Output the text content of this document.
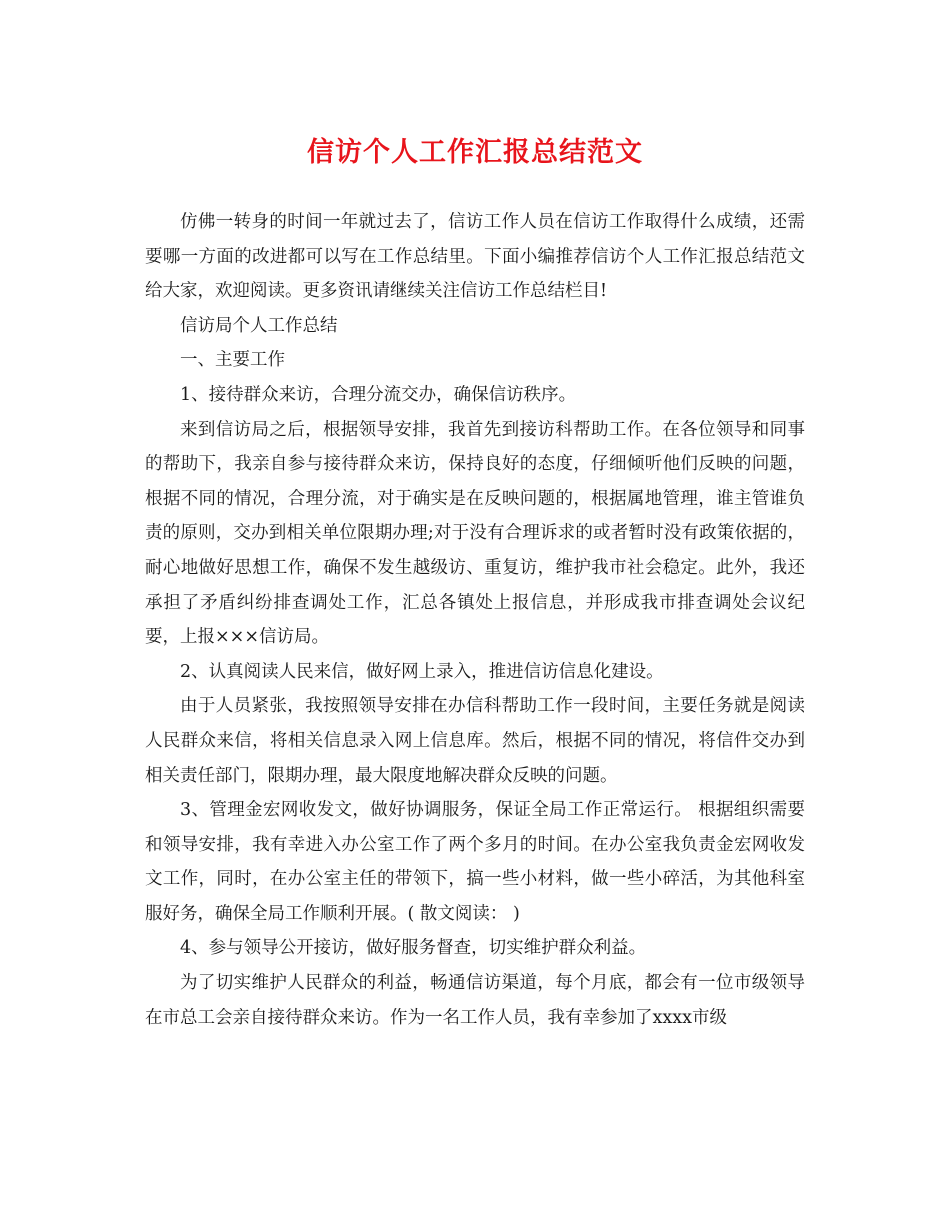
信访个人工作汇报总结范文

仿佛一转身的时间一年就过去了，信访工作人员在信访工作取得什么成绩，还需要哪一方面的改进都可以写在工作总结里。下面小编推荐信访个人工作汇报总结范文给大家，欢迎阅读。更多资讯请继续关注信访工作总结栏目!

信访局个人工作总结

一、主要工作

1、接待群众来访，合理分流交办，确保信访秩序。

来到信访局之后，根据领导安排，我首先到接访科帮助工作。在各位领导和同事的帮助下，我亲自参与接待群众来访，保持良好的态度，仔细倾听他们反映的问题，根据不同的情况，合理分流，对于确实是在反映问题的，根据属地管理，谁主管谁负责的原则，交办到相关单位限期办理;对于没有合理诉求的或者暂时没有政策依据的，耐心地做好思想工作，确保不发生越级访、重复访，维护我市社会稳定。此外，我还承担了矛盾纠纷排查调处工作，汇总各镇处上报信息，并形成我市排查调处会议纪要，上报×××信访局。

2、认真阅读人民来信，做好网上录入，推进信访信息化建设。

由于人员紧张，我按照领导安排在办信科帮助工作一段时间，主要任务就是阅读人民群众来信，将相关信息录入网上信息库。然后，根据不同的情况，将信件交办到相关责任部门，限期办理，最大限度地解决群众反映的问题。

3、管理金宏网收发文，做好协调服务，保证全局工作正常运行。 根据组织需要和领导安排，我有幸进入办公室工作了两个多月的时间。在办公室我负责金宏网收发文工作，同时，在办公室主任的带领下，搞一些小材料，做一些小碎活，为其他科室服好务，确保全局工作顺利开展。( 散文阅读： )

4、参与领导公开接访，做好服务督查，切实维护群众利益。

为了切实维护人民群众的利益，畅通信访渠道，每个月底，都会有一位市级领导在市总工会亲自接待群众来访。作为一名工作人员，我有幸参加了xxxx市级
